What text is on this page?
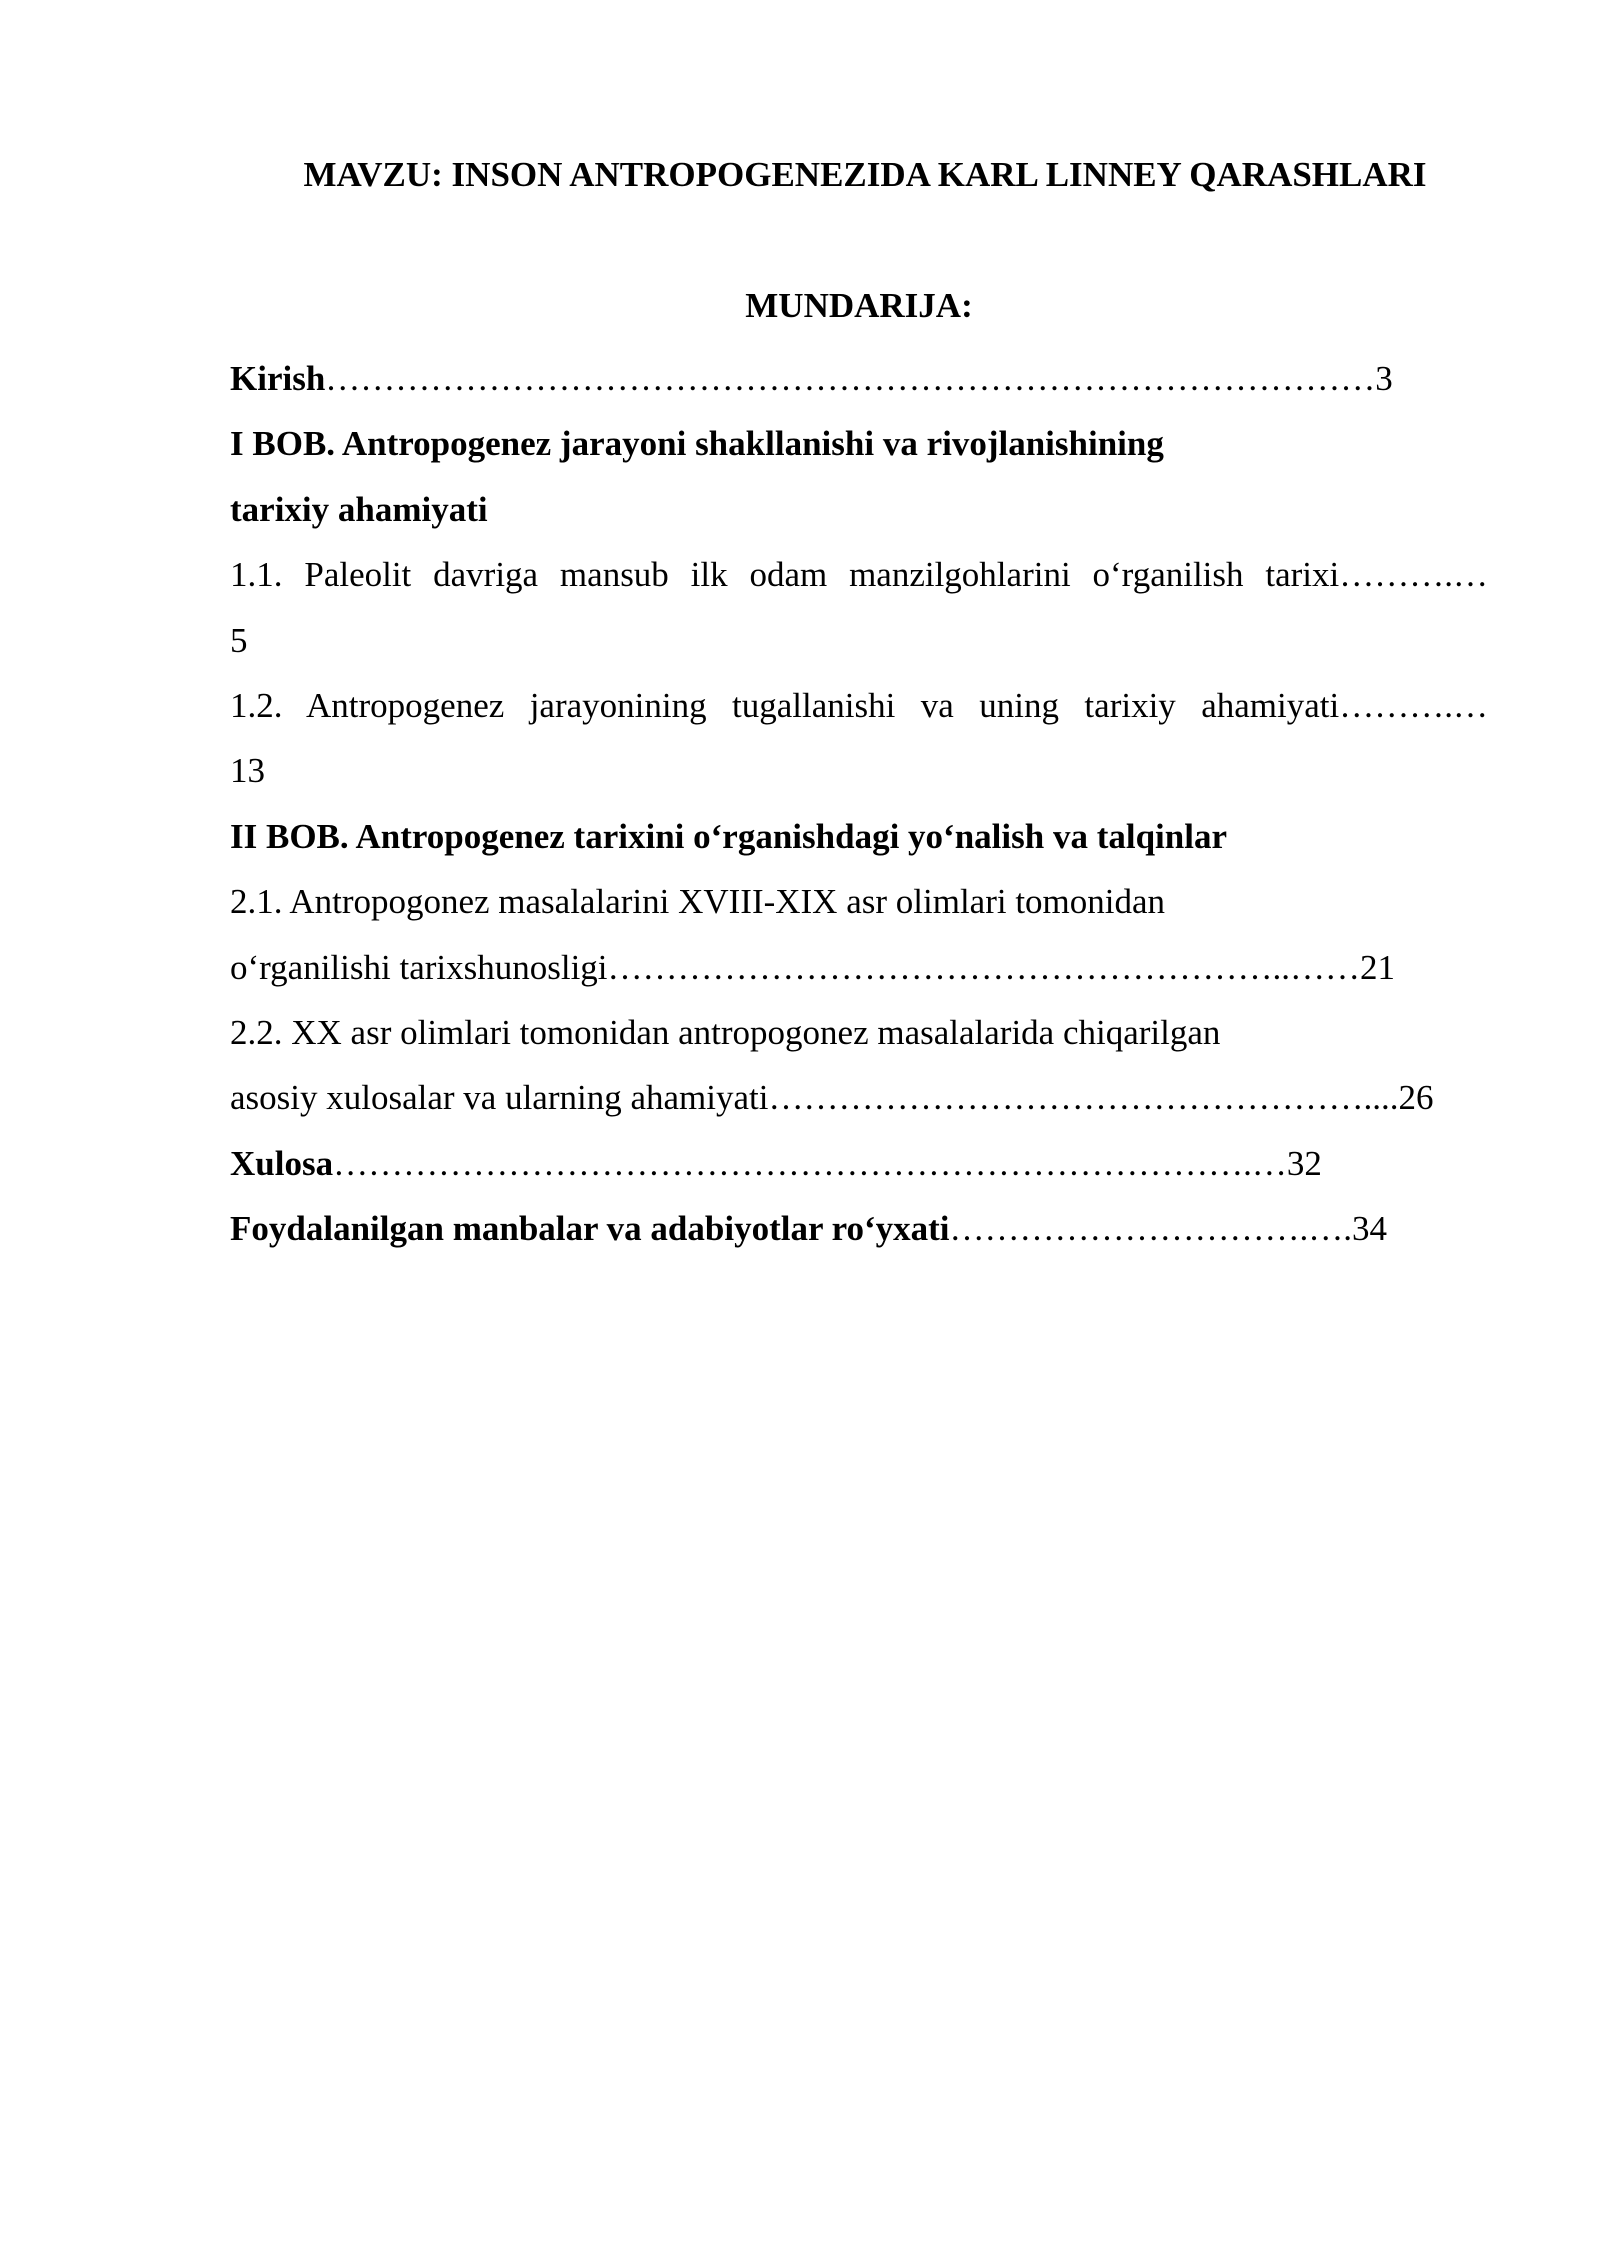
MAVZU: INSON ANTROPOGENEZIDA KARL LINNEY QARASHLARI
MUNDARIJA:
Kirish………………………………………………………………………………3
I BOB. Antropogenez jarayoni shakllanishi va rivojlanishining
tarixiy ahamiyati
1.1. Paleolit davriga mansub ilk odam manzilgohlarini o‘rganilish tarixi……….…
5
1.2. Antropogenez jarayonining tugallanishi va uning tarixiy ahamiyati……….…
13
II BOB. Antropogenez tarixini o‘rganishdagi yo‘nalish va talqinlar
2.1. Antropogonez masalalarini XVIII-XIX asr olimlari tomonidan
o‘rganilishi tarixshunosligi…………………………………………………..……21
2.2. XX asr olimlari tomonidan antropogonez masalalarida chiqarilgan
asosiy xulosalar va ularning ahamiyati……………………………………………....26
Xulosa…………………………………………………………………….…32
Foydalanilgan manbalar va adabiyotlar ro‘yxati………………………….….34
